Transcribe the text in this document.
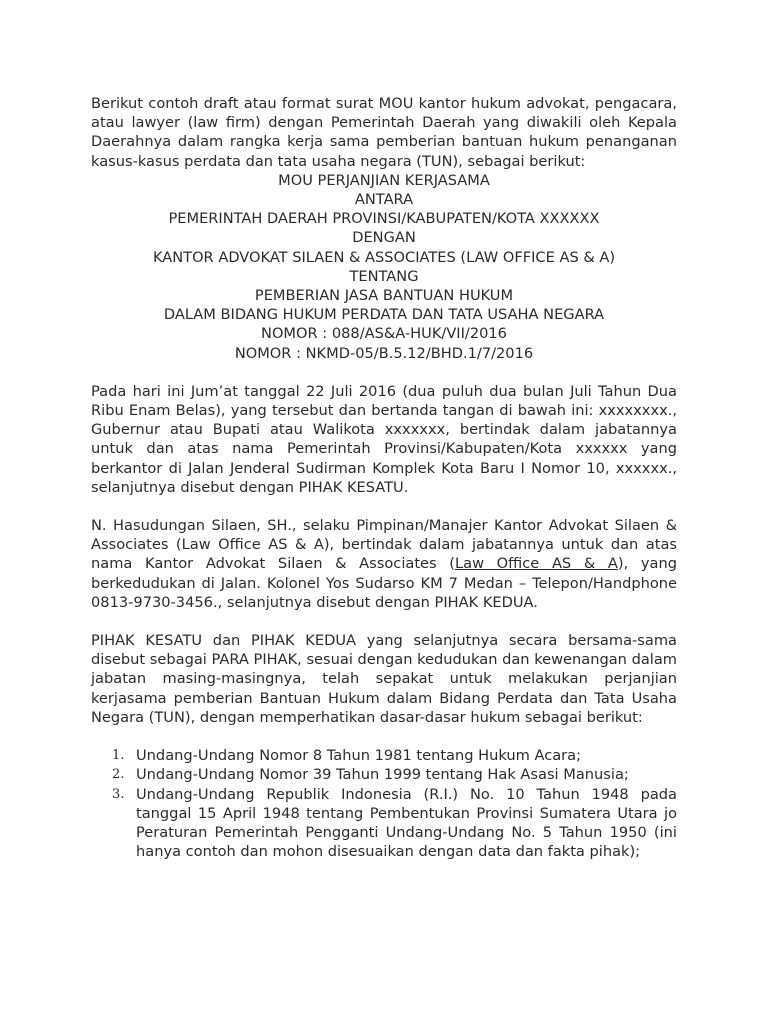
Berikut contoh draft atau format surat MOU kantor hukum advokat, pengacara, atau lawyer (law firm) dengan Pemerintah Daerah yang diwakili oleh Kepala Daerahnya dalam rangka kerja sama pemberian bantuan hukum penanganan kasus-kasus perdata dan tata usaha negara (TUN), sebagai berikut:

MOU PERJANJIAN KERJASAMA
ANTARA
PEMERINTAH DAERAH PROVINSI/KABUPATEN/KOTA XXXXXX
DENGAN
KANTOR ADVOKAT SILAEN & ASSOCIATES (LAW OFFICE AS & A)
TENTANG
PEMBERIAN JASA BANTUAN HUKUM
DALAM BIDANG HUKUM PERDATA DAN TATA USAHA NEGARA
NOMOR : 088/AS&A-HUK/VII/2016
NOMOR : NKMD-05/B.5.12/BHD.1/7/2016

Pada hari ini Jum’at tanggal 22 Juli 2016 (dua puluh dua bulan Juli Tahun Dua Ribu Enam Belas), yang tersebut dan bertanda tangan di bawah ini: xxxxxxxx., Gubernur atau Bupati atau Walikota xxxxxxx, bertindak dalam jabatannya untuk dan atas nama Pemerintah Provinsi/Kabupaten/Kota xxxxxx yang berkantor di Jalan Jenderal Sudirman Komplek Kota Baru I Nomor 10, xxxxxx., selanjutnya disebut dengan PIHAK KESATU.

N. Hasudungan Silaen, SH., selaku Pimpinan/Manajer Kantor Advokat Silaen & Associates (Law Office AS & A), bertindak dalam jabatannya untuk dan atas nama Kantor Advokat Silaen & Associates (Law Office AS & A), yang berkedudukan di Jalan. Kolonel Yos Sudarso KM 7 Medan – Telepon/Handphone 0813-9730-3456., selanjutnya disebut dengan PIHAK KEDUA.

PIHAK KESATU dan PIHAK KEDUA yang selanjutnya secara bersama-sama disebut sebagai PARA PIHAK, sesuai dengan kedudukan dan kewenangan dalam jabatan masing-masingnya, telah sepakat untuk melakukan perjanjian kerjasama pemberian Bantuan Hukum dalam Bidang Perdata dan Tata Usaha Negara (TUN), dengan memperhatikan dasar-dasar hukum sebagai berikut:

1. Undang-Undang Nomor 8 Tahun 1981 tentang Hukum Acara;
2. Undang-Undang Nomor 39 Tahun 1999 tentang Hak Asasi Manusia;
3. Undang-Undang Republik Indonesia (R.I.) No. 10 Tahun 1948 pada tanggal 15 April 1948 tentang Pembentukan Provinsi Sumatera Utara jo Peraturan Pemerintah Pengganti Undang-Undang No. 5 Tahun 1950 (ini hanya contoh dan mohon disesuaikan dengan data dan fakta pihak);
